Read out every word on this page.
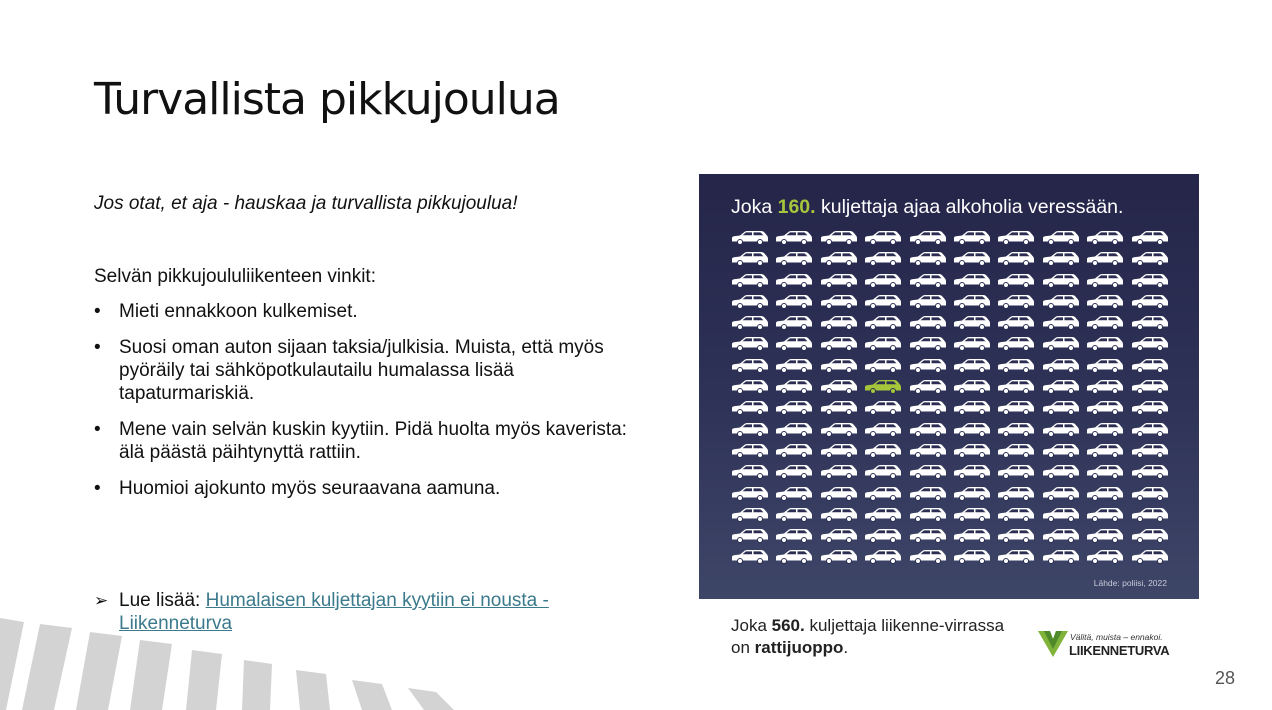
Turvallista pikkujoulua
Jos otat, et aja - hauskaa ja turvallista pikkujoulua!
Selvän pikkujoululiikenteen vinkit:
• Mieti ennakkoon kulkemiset.
• Suosi oman auton sijaan taksia/julkisia. Muista, että myös pyöräily tai sähköpotkulautailu humalassa lisää tapaturmariskiä.
• Mene vain selvän kuskin kyytiin. Pidä huolta myös kaverista: älä päästä päihtynyttä rattiin.
• Huomioi ajokunto myös seuraavana aamuna.
➢ Lue lisää: Humalaisen kuljettajan kyytiin ei nousta - Liikenneturva
Joka 160. kuljettaja ajaa alkoholia veressään.
Lähde: poliisi, 2022
Joka 560. kuljettaja liikenne-virrassa on rattijuoppo.
Välitä, muista – ennakoi.
LIIKENNETURVA
28
